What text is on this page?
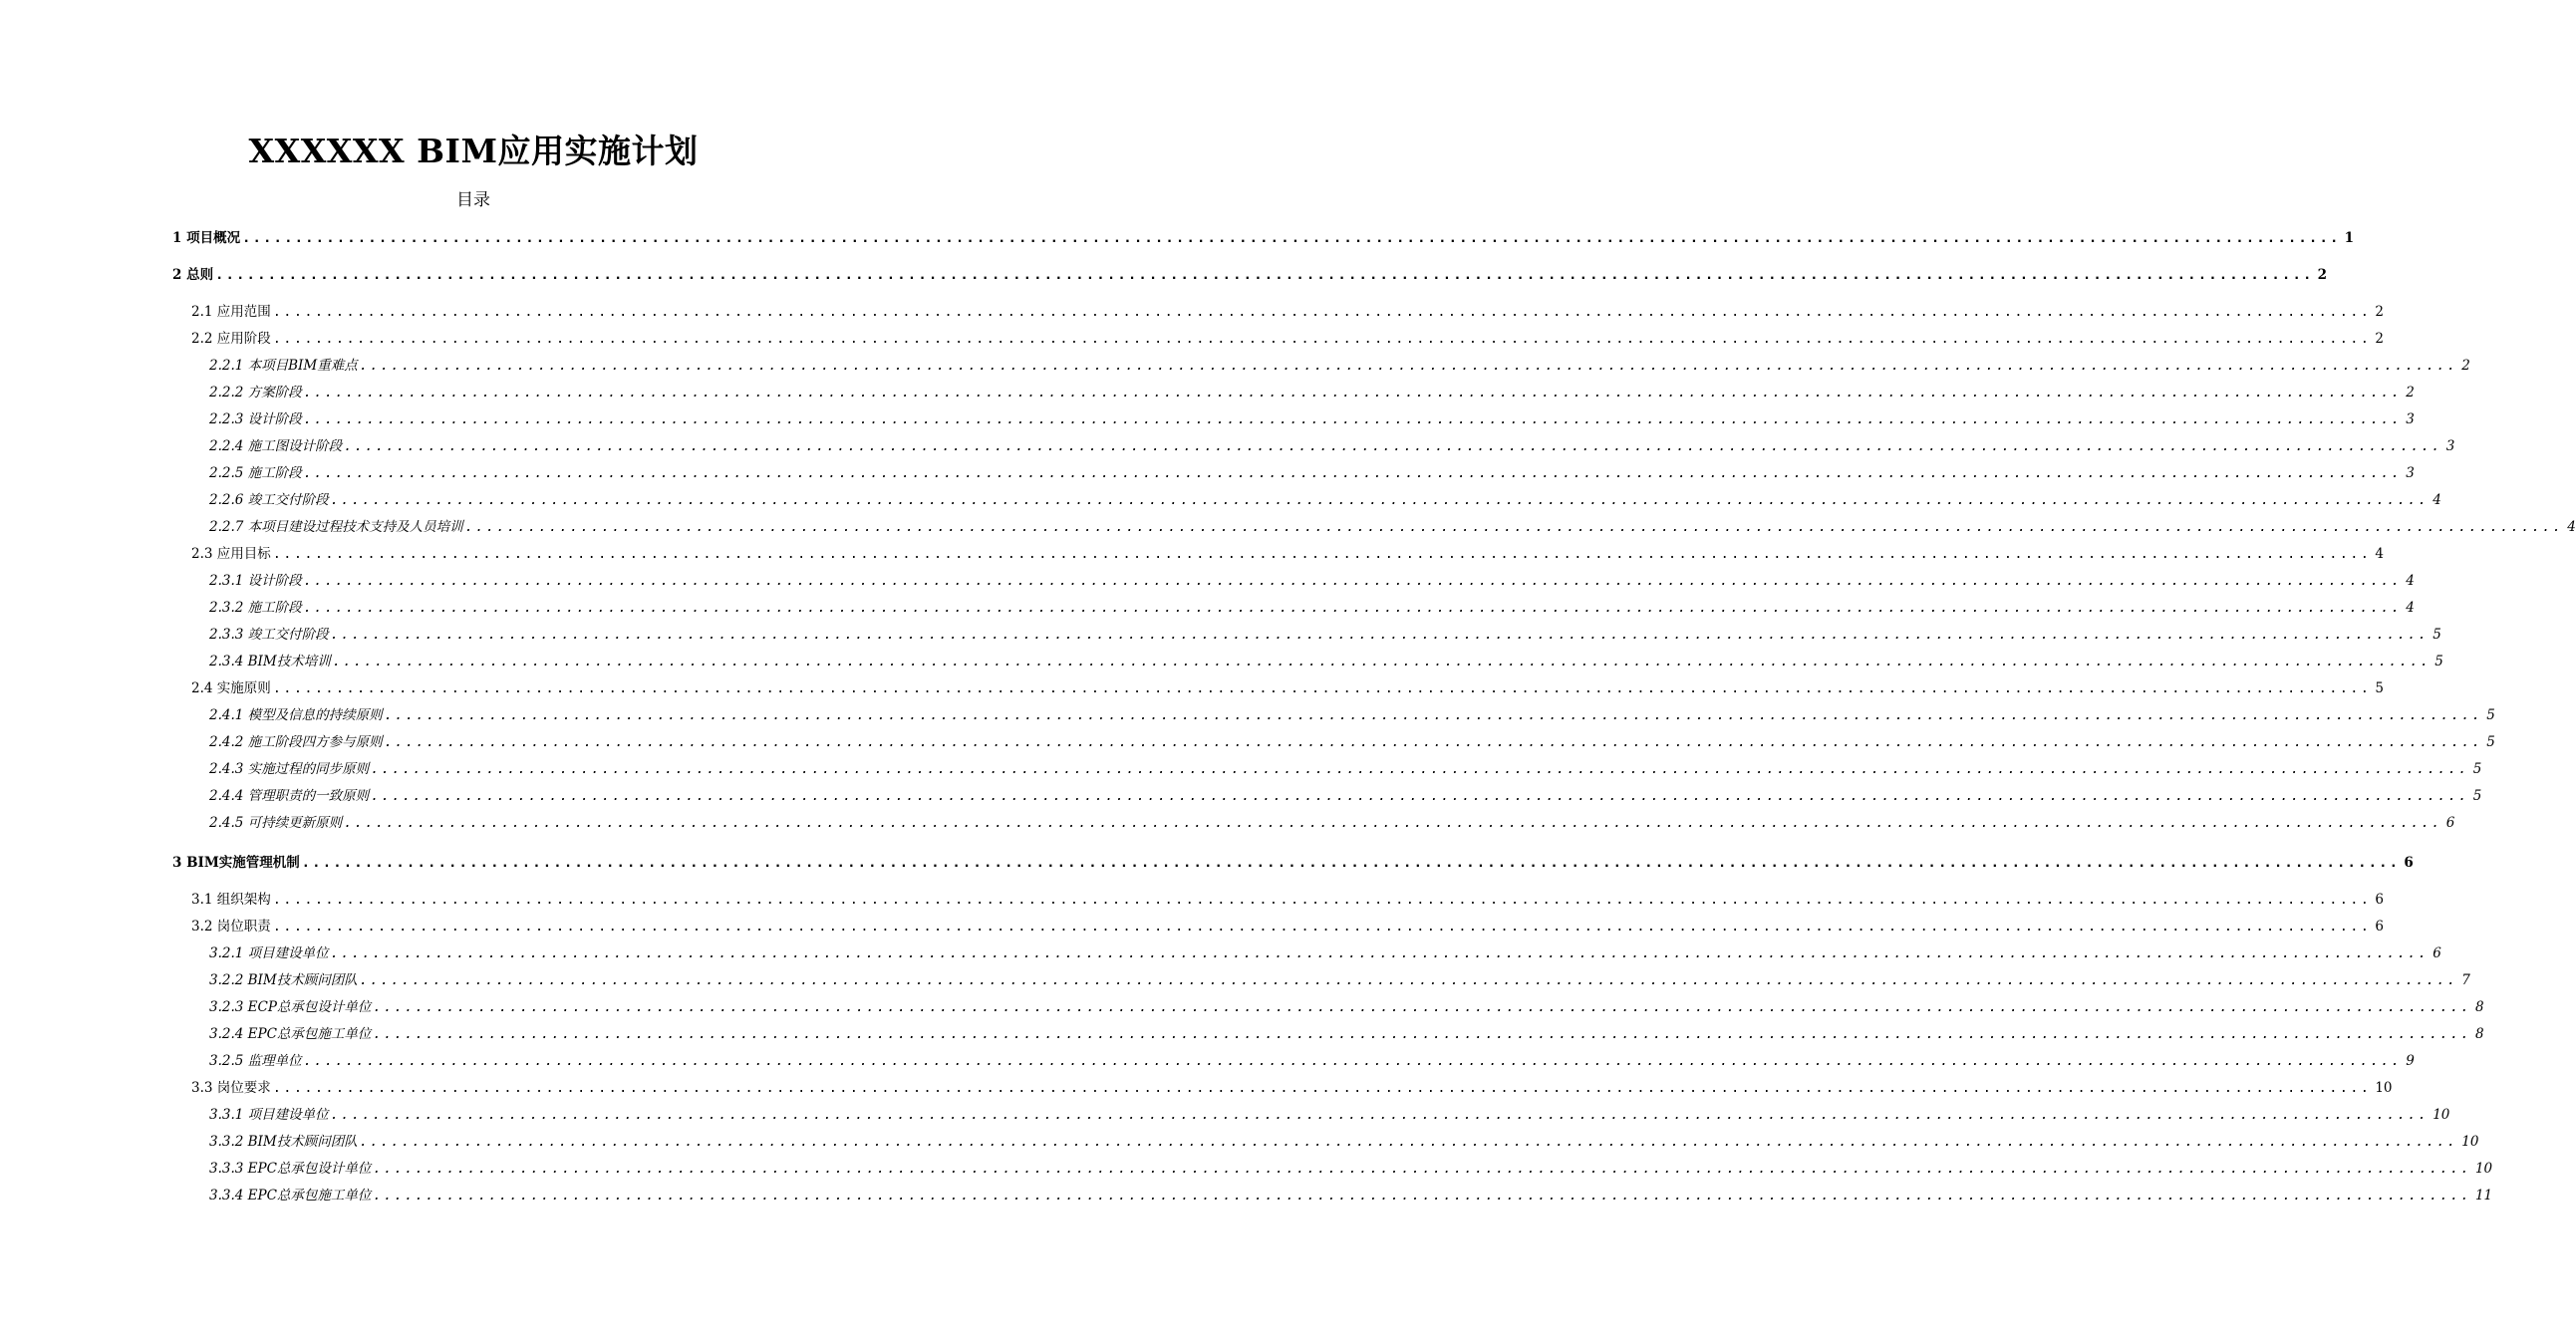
XXXXXX BIM应用实施计划
目录
1 项目概况 ........................................................................................................................................................................................................ 1
2 总则 ........................................................................................................................................................................................................ 2
2.1 应用范围 ........................................................................................................................................................................................................ 2
2.2 应用阶段 ........................................................................................................................................................................................................ 2
2.2.1 本项目BIM重难点 ........................................................................................................................................................................................................ 2
2.2.2 方案阶段 ........................................................................................................................................................................................................ 2
2.2.3 设计阶段 ........................................................................................................................................................................................................ 3
2.2.4 施工图设计阶段 ........................................................................................................................................................................................................ 3
2.2.5 施工阶段 ........................................................................................................................................................................................................ 3
2.2.6 竣工交付阶段 ........................................................................................................................................................................................................ 4
2.2.7 本项目建设过程技术支持及人员培训 ........................................................................................................................................................................................................ 4
2.3 应用目标 ........................................................................................................................................................................................................ 4
2.3.1 设计阶段 ........................................................................................................................................................................................................ 4
2.3.2 施工阶段 ........................................................................................................................................................................................................ 4
2.3.3 竣工交付阶段 ........................................................................................................................................................................................................ 5
2.3.4 BIM技术培训 ........................................................................................................................................................................................................ 5
2.4 实施原则 ........................................................................................................................................................................................................ 5
2.4.1 模型及信息的持续原则 ........................................................................................................................................................................................................ 5
2.4.2 施工阶段四方参与原则 ........................................................................................................................................................................................................ 5
2.4.3 实施过程的同步原则 ........................................................................................................................................................................................................ 5
2.4.4 管理职责的一致原则 ........................................................................................................................................................................................................ 5
2.4.5 可持续更新原则 ........................................................................................................................................................................................................ 6
3 BIM实施管理机制 ........................................................................................................................................................................................................ 6
3.1 组织架构 ........................................................................................................................................................................................................ 6
3.2 岗位职责 ........................................................................................................................................................................................................ 6
3.2.1 项目建设单位 ........................................................................................................................................................................................................ 6
3.2.2 BIM技术顾问团队 ........................................................................................................................................................................................................ 7
3.2.3 ECP总承包设计单位 ........................................................................................................................................................................................................ 8
3.2.4 EPC总承包施工单位 ........................................................................................................................................................................................................ 8
3.2.5 监理单位 ........................................................................................................................................................................................................ 9
3.3 岗位要求 ........................................................................................................................................................................................................ 10
3.3.1 项目建设单位 ........................................................................................................................................................................................................ 10
3.3.2 BIM技术顾问团队 ........................................................................................................................................................................................................ 10
3.3.3 EPC总承包设计单位 ........................................................................................................................................................................................................ 10
3.3.4 EPC总承包施工单位 ........................................................................................................................................................................................................ 11
